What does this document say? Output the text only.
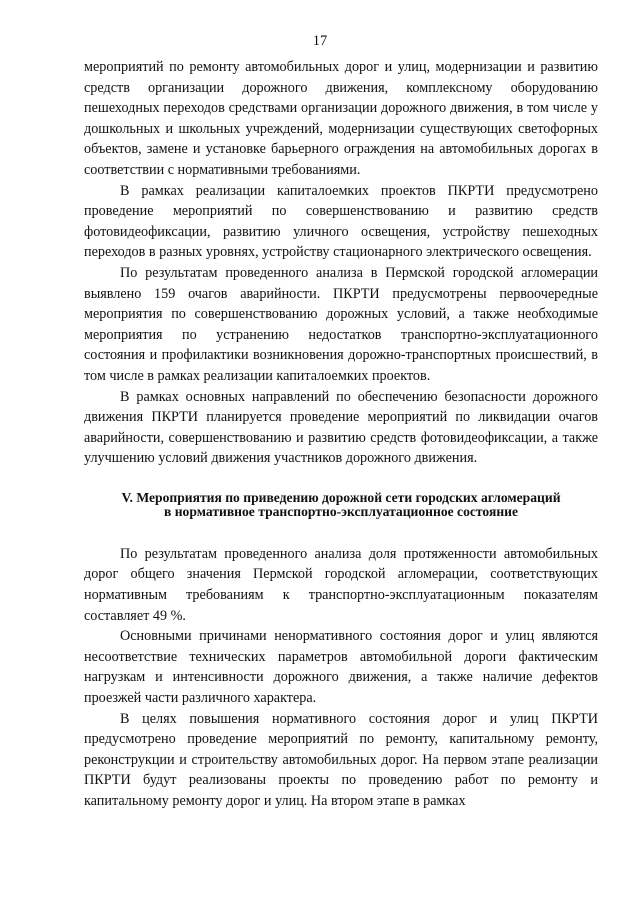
17

мероприятий по ремонту автомобильных дорог и улиц, модернизации и развитию средств организации дорожного движения, комплексному оборудованию пешеходных переходов средствами организации дорожного движения, в том числе у дошкольных и школьных учреждений, модернизации существующих светофорных объектов, замене и установке барьерного ограждения на автомобильных дорогах в соответствии с нормативными требованиями.

В рамках реализации капиталоемких проектов ПКРТИ предусмотрено проведение мероприятий по совершенствованию и развитию средств фотовидеофиксации, развитию уличного освещения, устройству пешеходных переходов в разных уровнях, устройству стационарного электрического освещения.

По результатам проведенного анализа в Пермской городской агломерации выявлено 159 очагов аварийности. ПКРТИ предусмотрены первоочередные мероприятия по совершенствованию дорожных условий, а также необходимые мероприятия по устранению недостатков транспортно-эксплуатационного состояния и профилактики возникновения дорожно-транспортных происшествий, в том числе в рамках реализации капиталоемких проектов.

В рамках основных направлений по обеспечению безопасности дорожного движения ПКРТИ планируется проведение мероприятий по ликвидации очагов аварийности, совершенствованию и развитию средств фотовидеофиксации, а также улучшению условий движения участников дорожного движения.

V. Мероприятия по приведению дорожной сети городских агломераций
в нормативное транспортно-эксплуатационное состояние

По результатам проведенного анализа доля протяженности автомобильных дорог общего значения Пермской городской агломерации, соответствующих нормативным требованиям к транспортно-эксплуатационным показателям составляет 49 %.

Основными причинами ненормативного состояния дорог и улиц являются несоответствие технических параметров автомобильной дороги фактическим нагрузкам и интенсивности дорожного движения, а также наличие дефектов проезжей части различного характера.

В целях повышения нормативного состояния дорог и улиц ПКРТИ предусмотрено проведение мероприятий по ремонту, капитальному ремонту, реконструкции и строительству автомобильных дорог. На первом этапе реализации ПКРТИ будут реализованы проекты по проведению работ по ремонту и капитальному ремонту дорог и улиц. На втором этапе в рамках
